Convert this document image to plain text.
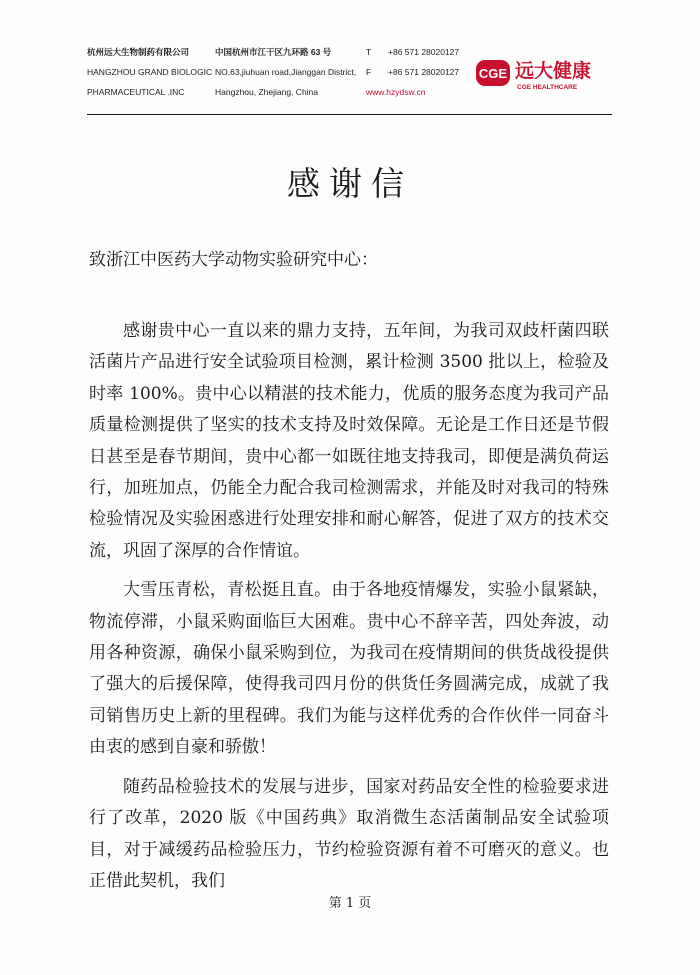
杭州远大生物制药有限公司
HANGZHOU GRAND BIOLOGIC
PHARMACEUTICAL .INC
中国杭州市江干区九环路 63 号
NO.63,jiuhuan road,Jianggan District,
Hangzhou, Zhejiang, China
T +86 571 28020127
F +86 571 28020127
www.hzydsw.cn
CGE 远大健康
CGE HEALTHCARE
感谢信
致浙江中医药大学动物实验研究中心：

感谢贵中心一直以来的鼎力支持，五年间，为我司双歧杆菌四联活菌片产品进行安全试验项目检测，累计检测 3500 批以上，检验及时率 100%。贵中心以精湛的技术能力，优质的服务态度为我司产品质量检测提供了坚实的技术支持及时效保障。无论是工作日还是节假日甚至是春节期间，贵中心都一如既往地支持我司，即便是满负荷运行，加班加点，仍能全力配合我司检测需求，并能及时对我司的特殊检验情况及实验困惑进行处理安排和耐心解答，促进了双方的技术交流，巩固了深厚的合作情谊。

大雪压青松，青松挺且直。由于各地疫情爆发，实验小鼠紧缺，物流停滞，小鼠采购面临巨大困难。贵中心不辞辛苦，四处奔波，动用各种资源，确保小鼠采购到位，为我司在疫情期间的供货战役提供了强大的后援保障，使得我司四月份的供货任务圆满完成，成就了我司销售历史上新的里程碑。我们为能与这样优秀的合作伙伴一同奋斗由衷的感到自豪和骄傲！

随药品检验技术的发展与进步，国家对药品安全性的检验要求进行了改革，2020 版《中国药典》取消微生态活菌制品安全试验项目，对于减缓药品检验压力，节约检验资源有着不可磨灭的意义。也正借此契机，我们

第 1 页
